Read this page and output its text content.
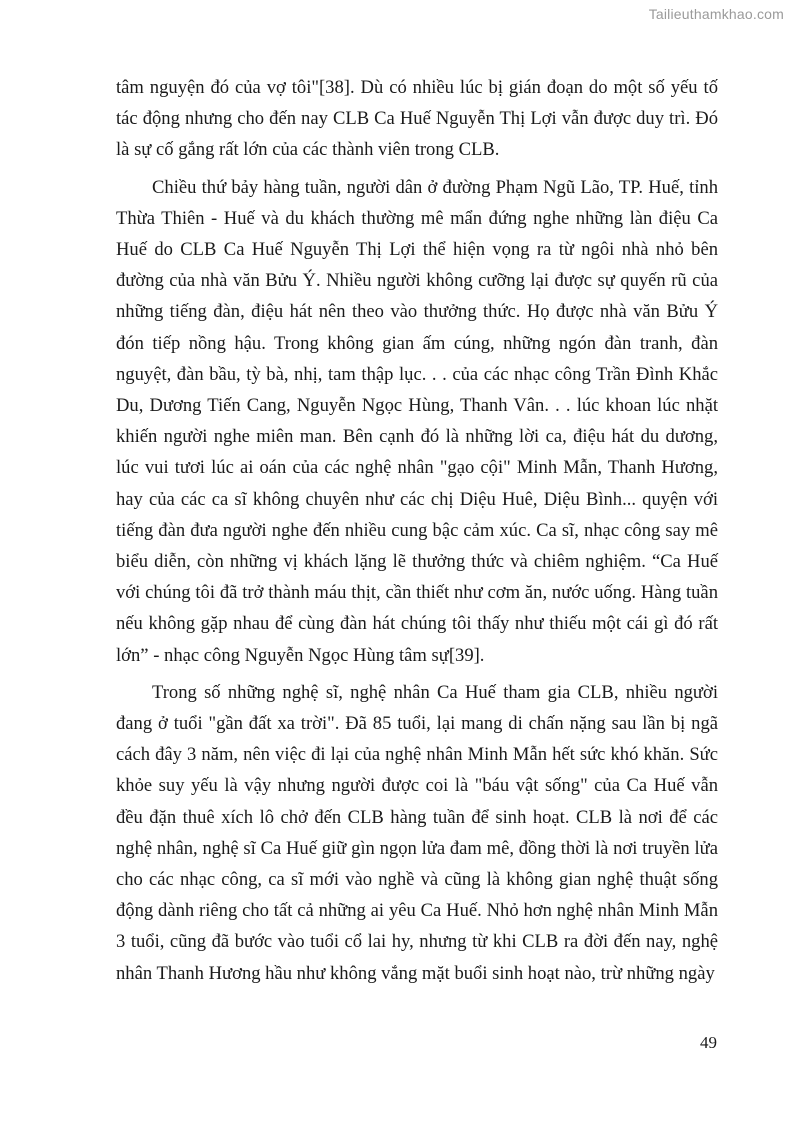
Tailieuthamkhao.com

tâm nguyện đó của vợ tôi"[38]. Dù có nhiều lúc bị gián đoạn do một số yếu tố tác động nhưng cho đến nay CLB Ca Huế Nguyễn Thị Lợi vẫn được duy trì. Đó là sự cố gắng rất lớn của các thành viên trong CLB.

Chiều thứ bảy hàng tuần, người dân ở đường Phạm Ngũ Lão, TP. Huế, tỉnh Thừa Thiên - Huế và du khách thường mê mẩn đứng nghe những làn điệu Ca Huế do CLB Ca Huế Nguyễn Thị Lợi thể hiện vọng ra từ ngôi nhà nhỏ bên đường của nhà văn Bửu Ý. Nhiều người không cưỡng lại được sự quyến rũ của những tiếng đàn, điệu hát nên theo vào thưởng thức. Họ được nhà văn Bửu Ý đón tiếp nồng hậu. Trong không gian ấm cúng, những ngón đàn tranh, đàn nguyệt, đàn bầu, tỳ bà, nhị, tam thập lục. . . của các nhạc công Trần Đình Khắc Du, Dương Tiến Cang, Nguyễn Ngọc Hùng, Thanh Vân. . . lúc khoan lúc nhặt khiến người nghe miên man. Bên cạnh đó là những lời ca, điệu hát du dương, lúc vui tươi lúc ai oán của các nghệ nhân "gạo cội" Minh Mẫn, Thanh Hương, hay của các ca sĩ không chuyên như các chị Diệu Huê, Diệu Bình... quyện với tiếng đàn đưa người nghe đến nhiều cung bậc cảm xúc. Ca sĩ, nhạc công say mê biểu diễn, còn những vị khách lặng lẽ thưởng thức và chiêm nghiệm. “Ca Huế với chúng tôi đã trở thành máu thịt, cần thiết như cơm ăn, nước uống. Hàng tuần nếu không gặp nhau để cùng đàn hát chúng tôi thấy như thiếu một cái gì đó rất lớn” - nhạc công Nguyễn Ngọc Hùng tâm sự[39].

Trong số những nghệ sĩ, nghệ nhân Ca Huế tham gia CLB, nhiều người đang ở tuổi "gần đất xa trời". Đã 85 tuổi, lại mang di chấn nặng sau lần bị ngã cách đây 3 năm, nên việc đi lại của nghệ nhân Minh Mẫn hết sức khó khăn. Sức khỏe suy yếu là vậy nhưng người được coi là "báu vật sống" của Ca Huế vẫn đều đặn thuê xích lô chở đến CLB hàng tuần để sinh hoạt. CLB là nơi để các nghệ nhân, nghệ sĩ Ca Huế giữ gìn ngọn lửa đam mê, đồng thời là nơi truyền lửa cho các nhạc công, ca sĩ mới vào nghề và cũng là không gian nghệ thuật sống động dành riêng cho tất cả những ai yêu Ca Huế. Nhỏ hơn nghệ nhân Minh Mẫn 3 tuổi, cũng đã bước vào tuổi cổ lai hy, nhưng từ khi CLB ra đời đến nay, nghệ nhân Thanh Hương hầu như không vắng mặt buổi sinh hoạt nào, trừ những ngày

49
